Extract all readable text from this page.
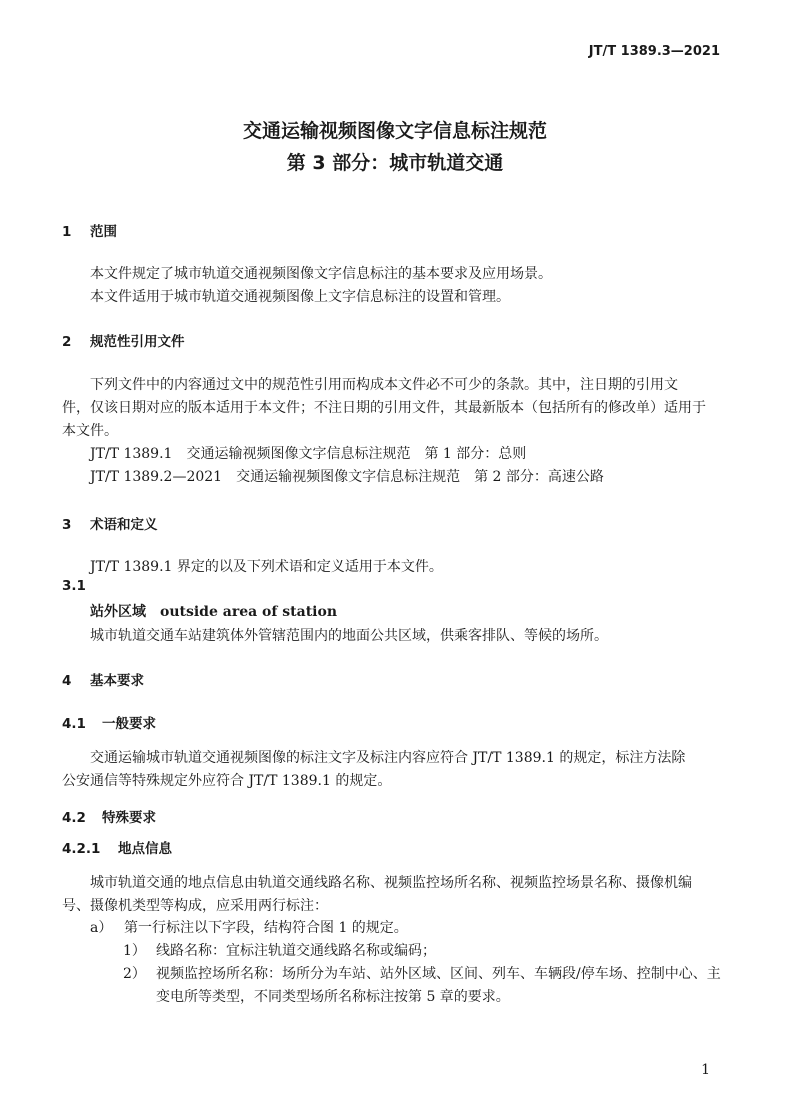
JT/T 1389.3—2021
交通运输视频图像文字信息标注规范
第 3 部分：城市轨道交通
1 范围
本文件规定了城市轨道交通视频图像文字信息标注的基本要求及应用场景。
本文件适用于城市轨道交通视频图像上文字信息标注的设置和管理。
2 规范性引用文件
下列文件中的内容通过文中的规范性引用而构成本文件必不可少的条款。其中，注日期的引用文
件，仅该日期对应的版本适用于本文件；不注日期的引用文件，其最新版本（包括所有的修改单）适用于
本文件。
JT/T 1389.1　交通运输视频图像文字信息标注规范　第 1 部分：总则
JT/T 1389.2—2021　交通运输视频图像文字信息标注规范　第 2 部分：高速公路
3 术语和定义
JT/T 1389.1 界定的以及下列术语和定义适用于本文件。
3.1
站外区域 outside area of station
城市轨道交通车站建筑体外管辖范围内的地面公共区域，供乘客排队、等候的场所。
4 基本要求
4.1 一般要求
交通运输城市轨道交通视频图像的标注文字及标注内容应符合 JT/T 1389.1 的规定，标注方法除
公安通信等特殊规定外应符合 JT/T 1389.1 的规定。
4.2 特殊要求
4.2.1 地点信息
城市轨道交通的地点信息由轨道交通线路名称、视频监控场所名称、视频监控场景名称、摄像机编
号、摄像机类型等构成，应采用两行标注：
a） 第一行标注以下字段，结构符合图 1 的规定。
1） 线路名称：宜标注轨道交通线路名称或编码；
2） 视频监控场所名称：场所分为车站、站外区域、区间、列车、车辆段/停车场、控制中心、主
变电所等类型，不同类型场所名称标注按第 5 章的要求。
1
